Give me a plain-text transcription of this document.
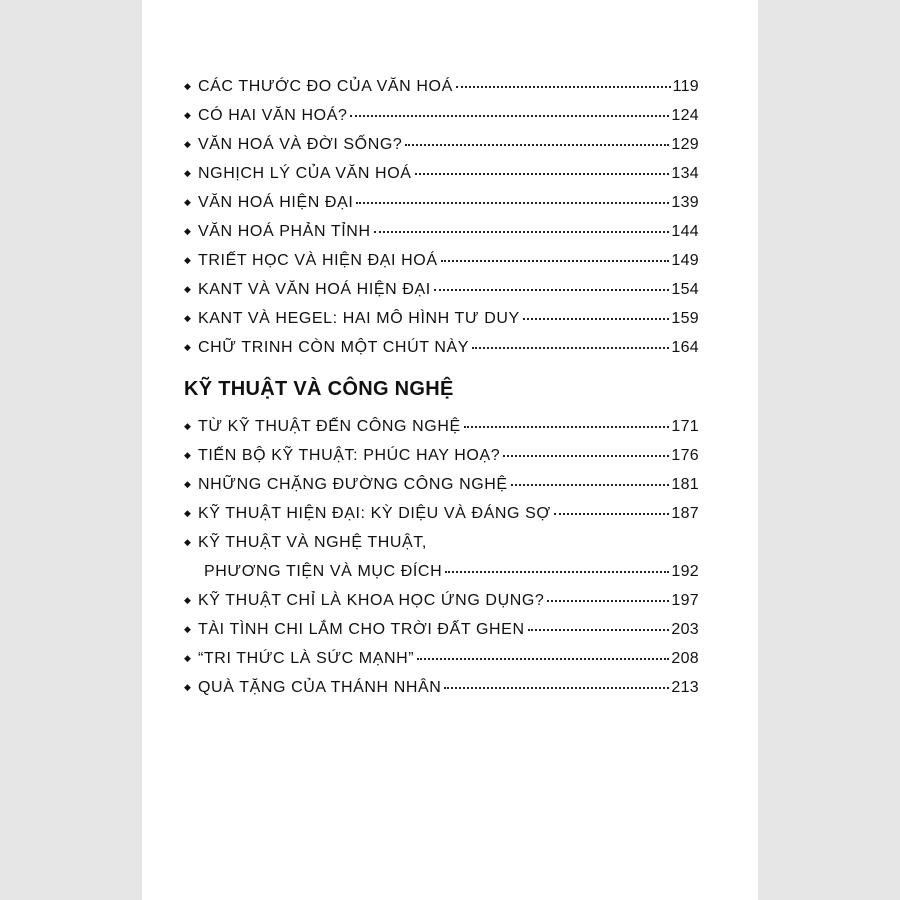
◆ CÁC THƯỚC ĐO CỦA VĂN HOÁ	119
◆ CÓ HAI VĂN HOÁ?	124
◆ VĂN HOÁ VÀ ĐỜI SỐNG?	129
◆ NGHỊCH LÝ CỦA VĂN HOÁ	134
◆ VĂN HOÁ HIỆN ĐẠI	139
◆ VĂN HOÁ PHẢN TỈNH	144
◆ TRIẾT HỌC VÀ HIỆN ĐẠI HOÁ	149
◆ KANT VÀ VĂN HOÁ HIỆN ĐẠI	154
◆ KANT VÀ HEGEL: HAI MÔ HÌNH TƯ DUY	159
◆ CHỮ TRINH CÒN MỘT CHÚT NÀY	164
KỸ THUẬT VÀ CÔNG NGHỆ
◆ TỪ KỸ THUẬT ĐẾN CÔNG NGHỆ	171
◆ TIẾN BỘ KỸ THUẬT: PHÚC HAY HOẠ?	176
◆ NHỮNG CHẶNG ĐƯỜNG CÔNG NGHỆ	181
◆ KỸ THUẬT HIỆN ĐẠI: KỲ DIỆU VÀ ĐÁNG SỢ	187
◆ KỸ THUẬT VÀ NGHỆ THUẬT,
PHƯƠNG TIỆN VÀ MỤC ĐÍCH	192
◆ KỸ THUẬT CHỈ LÀ KHOA HỌC ỨNG DỤNG?	197
◆ TÀI TÌNH CHI LẮM CHO TRỜI ĐẤT GHEN	203
◆ “TRI THỨC LÀ SỨC MẠNH”	208
◆ QUÀ TẶNG CỦA THÁNH NHÂN	213
